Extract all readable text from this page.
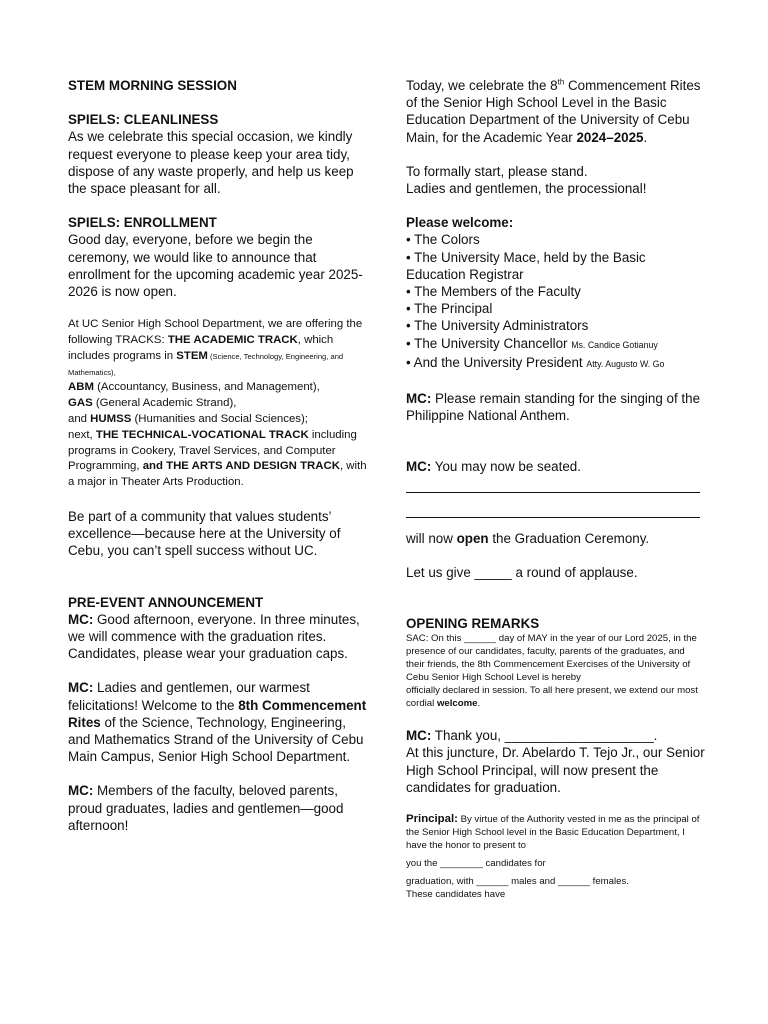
STEM MORNING SESSION

SPIELS: CLEANLINESS

As we celebrate this special occasion, we kindly request everyone to please keep your area tidy, dispose of any waste properly, and help us keep the space pleasant for all.

SPIELS: ENROLLMENT

Good day, everyone, before we begin the ceremony, we would like to announce that enrollment for the upcoming academic year 2025-2026 is now open.

At UC Senior High School Department, we are offering the following TRACKS: THE ACADEMIC TRACK, which includes programs in STEM (Science, Technology, Engineering, and Mathematics),
ABM (Accountancy, Business, and Management),
GAS (General Academic Strand),
and HUMSS (Humanities and Social Sciences);
next, THE TECHNICAL-VOCATIONAL TRACK including programs in Cookery, Travel Services, and Computer Programming, and THE ARTS AND DESIGN TRACK, with a major in Theater Arts Production.

Be part of a community that values students’ excellence—because here at the University of Cebu, you can’t spell success without UC.

PRE-EVENT ANNOUNCEMENT

MC: Good afternoon, everyone. In three minutes, we will commence with the graduation rites. Candidates, please wear your graduation caps.

MC: Ladies and gentlemen, our warmest felicitations! Welcome to the 8th Commencement Rites of the Science, Technology, Engineering, and Mathematics Strand of the University of Cebu Main Campus, Senior High School Department.

MC: Members of the faculty, beloved parents, proud graduates, ladies and gentlemen—good afternoon!

Today, we celebrate the 8th Commencement Rites of the Senior High School Level in the Basic Education Department of the University of Cebu Main, for the Academic Year 2024–2025.

To formally start, please stand.

Ladies and gentlemen, the processional!

Please welcome:

• The Colors

• The University Mace, held by the Basic Education Registrar

• The Members of the Faculty

• The Principal

• The University Administrators

• The University Chancellor Ms. Candice Gotianuy

• And the University President Atty. Augusto W. Go

MC: Please remain standing for the singing of the Philippine National Anthem.

MC: You may now be seated.

will now open the Graduation Ceremony.

Let us give _____ a round of applause.

OPENING REMARKS

SAC: On this ______ day of MAY in the year of our Lord 2025, in the presence of our candidates, faculty, parents of the graduates, and their friends, the 8th Commencement Exercises of the University of Cebu Senior High School Level is hereby

officially declared in session. To all here present, we extend our most cordial welcome.

MC: Thank you, ____________________.

At this juncture, Dr. Abelardo T. Tejo Jr., our Senior High School Principal, will now present the candidates for graduation.

Principal: By virtue of the Authority vested in me as the principal of the Senior High School level in the Basic Education Department, I have the honor to present to

you the ________ candidates for

graduation, with ______ males and ______ females.

These candidates have
